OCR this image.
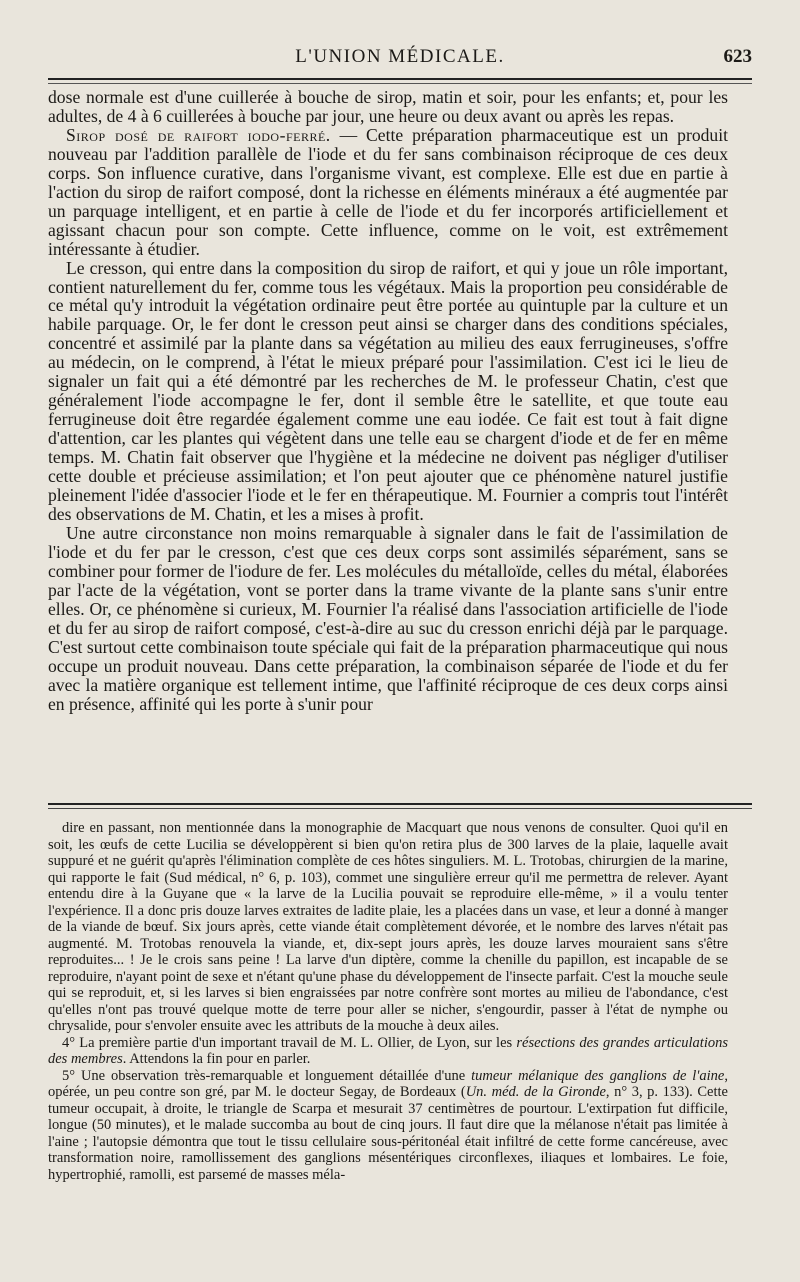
L'UNION MÉDICALE.	623

dose normale est d'une cuillerée à bouche de sirop, matin et soir, pour les enfants; et, pour les adultes, de 4 à 6 cuillerées à bouche par jour, une heure ou deux avant ou après les repas.

Sirop dosé de raifort iodo-ferré. — Cette préparation pharmaceutique est un produit nouveau par l'addition parallèle de l'iode et du fer sans combinaison réciproque de ces deux corps. Son influence curative, dans l'organisme vivant, est complexe. Elle est due en partie à l'action du sirop de raifort composé, dont la richesse en éléments minéraux a été augmentée par un parquage intelligent, et en partie à celle de l'iode et du fer incorporés artificiellement et agissant chacun pour son compte. Cette influence, comme on le voit, est extrêmement intéressante à étudier.

Le cresson, qui entre dans la composition du sirop de raifort, et qui y joue un rôle important, contient naturellement du fer, comme tous les végétaux. Mais la proportion peu considérable de ce métal qu'y introduit la végétation ordinaire peut être portée au quintuple par la culture et un habile parquage. Or, le fer dont le cresson peut ainsi se charger dans des conditions spéciales, concentré et assimilé par la plante dans sa végétation au milieu des eaux ferrugineuses, s'offre au médecin, on le comprend, à l'état le mieux préparé pour l'assimilation. C'est ici le lieu de signaler un fait qui a été démontré par les recherches de M. le professeur Chatin, c'est que généralement l'iode accompagne le fer, dont il semble être le satellite, et que toute eau ferrugineuse doit être regardée également comme une eau iodée. Ce fait est tout à fait digne d'attention, car les plantes qui végètent dans une telle eau se chargent d'iode et de fer en même temps. M. Chatin fait observer que l'hygiène et la médecine ne doivent pas négliger d'utiliser cette double et précieuse assimilation; et l'on peut ajouter que ce phénomène naturel justifie pleinement l'idée d'associer l'iode et le fer en thérapeutique. M. Fournier a compris tout l'intérêt des observations de M. Chatin, et les a mises à profit.

Une autre circonstance non moins remarquable à signaler dans le fait de l'assimilation de l'iode et du fer par le cresson, c'est que ces deux corps sont assimilés séparément, sans se combiner pour former de l'iodure de fer. Les molécules du métalloïde, celles du métal, élaborées par l'acte de la végétation, vont se porter dans la trame vivante de la plante sans s'unir entre elles. Or, ce phénomène si curieux, M. Fournier l'a réalisé dans l'association artificielle de l'iode et du fer au sirop de raifort composé, c'est-à-dire au suc du cresson enrichi déjà par le parquage. C'est surtout cette combinaison toute spéciale qui fait de la préparation pharmaceutique qui nous occupe un produit nouveau. Dans cette préparation, la combinaison séparée de l'iode et du fer avec la matière organique est tellement intime, que l'affinité réciproque de ces deux corps ainsi en présence, affinité qui les porte à s'unir pour

dire en passant, non mentionnée dans la monographie de Macquart que nous venons de consulter. Quoi qu'il en soit, les œufs de cette Lucilia se développèrent si bien qu'on retira plus de 300 larves de la plaie, laquelle avait suppuré et ne guérit qu'après l'élimination complète de ces hôtes singuliers. M. L. Trotobas, chirurgien de la marine, qui rapporte le fait (Sud médical, n° 6, p. 103), commet une singulière erreur qu'il me permettra de relever. Ayant entendu dire à la Guyane que « la larve de la Lucilia pouvait se reproduire elle-même, » il a voulu tenter l'expérience. Il a donc pris douze larves extraites de ladite plaie, les a placées dans un vase, et leur a donné à manger de la viande de bœuf. Six jours après, cette viande était complètement dévorée, et le nombre des larves n'était pas augmenté. M. Trotobas renouvela la viande, et, dix-sept jours après, les douze larves mouraient sans s'être reproduites... ! Je le crois sans peine ! La larve d'un diptère, comme la chenille du papillon, est incapable de se reproduire, n'ayant point de sexe et n'étant qu'une phase du développement de l'insecte parfait. C'est la mouche seule qui se reproduit, et, si les larves si bien engraissées par notre confrère sont mortes au milieu de l'abondance, c'est qu'elles n'ont pas trouvé quelque motte de terre pour aller se nicher, s'engourdir, passer à l'état de nymphe ou chrysalide, pour s'envoler ensuite avec les attributs de la mouche à deux ailes.

4° La première partie d'un important travail de M. L. Ollier, de Lyon, sur les résections des grandes articulations des membres. Attendons la fin pour en parler.

5° Une observation très-remarquable et longuement détaillée d'une tumeur mélanique des ganglions de l'aine, opérée, un peu contre son gré, par M. le docteur Segay, de Bordeaux (Un. méd. de la Gironde, n° 3, p. 133). Cette tumeur occupait, à droite, le triangle de Scarpa et mesurait 37 centimètres de pourtour. L'extirpation fut difficile, longue (50 minutes), et le malade succomba au bout de cinq jours. Il faut dire que la mélanose n'était pas limitée à l'aine ; l'autopsie démontra que tout le tissu cellulaire sous-péritonéal était infiltré de cette forme cancéreuse, avec transformation noire, ramollissement des ganglions mésentériques circonflexes, iliaques et lombaires. Le foie, hypertrophié, ramolli, est parsemé de masses méla-
